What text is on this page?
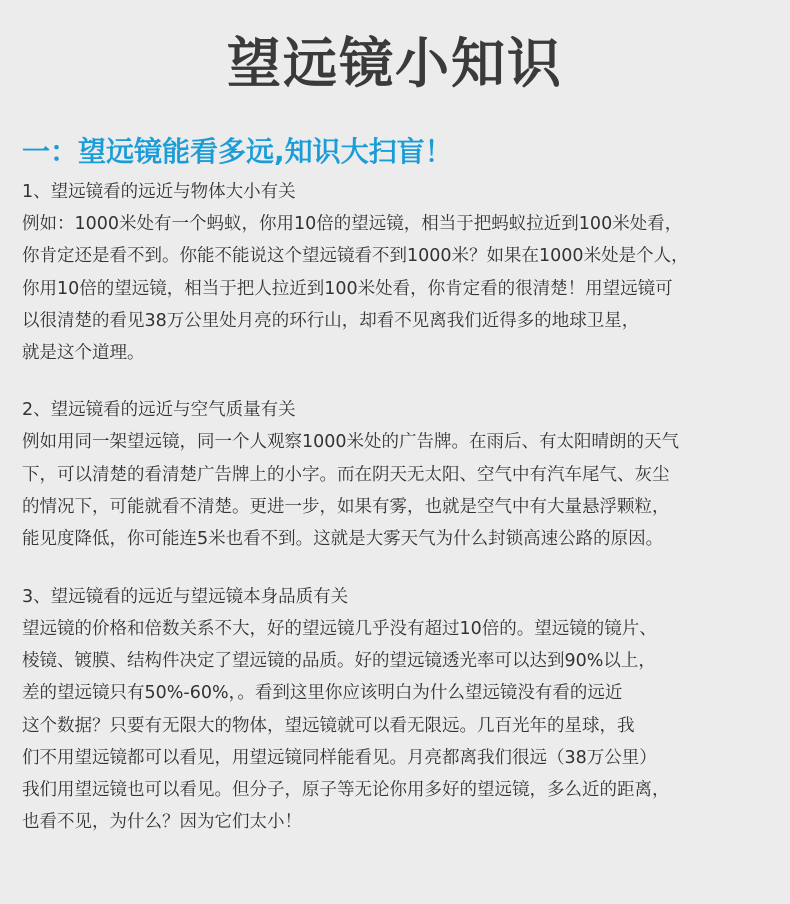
望远镜小知识
一：望远镜能看多远,知识大扫盲！
1、望远镜看的远近与物体大小有关
例如：1000米处有一个蚂蚁，你用10倍的望远镜，相当于把蚂蚁拉近到100米处看，
你肯定还是看不到。你能不能说这个望远镜看不到1000米？如果在1000米处是个人，
你用10倍的望远镜，相当于把人拉近到100米处看，你肯定看的很清楚！用望远镜可
以很清楚的看见38万公里处月亮的环行山，却看不见离我们近得多的地球卫星，
就是这个道理。
2、望远镜看的远近与空气质量有关
例如用同一架望远镜，同一个人观察1000米处的广告牌。在雨后、有太阳晴朗的天气
下，可以清楚的看清楚广告牌上的小字。而在阴天无太阳、空气中有汽车尾气、灰尘
的情况下，可能就看不清楚。更进一步，如果有雾，也就是空气中有大量悬浮颗粒，
能见度降低，你可能连5米也看不到。这就是大雾天气为什么封锁高速公路的原因。
3、望远镜看的远近与望远镜本身品质有关
望远镜的价格和倍数关系不大，好的望远镜几乎没有超过10倍的。望远镜的镜片、
棱镜、镀膜、结构件决定了望远镜的品质。好的望远镜透光率可以达到90%以上，
差的望远镜只有50%-60%，。看到这里你应该明白为什么望远镜没有看的远近
这个数据？只要有无限大的物体，望远镜就可以看无限远。几百光年的星球，我
们不用望远镜都可以看见，用望远镜同样能看见。月亮都离我们很远（38万公里）
我们用望远镜也可以看见。但分子，原子等无论你用多好的望远镜，多么近的距离，
也看不见，为什么？因为它们太小！
